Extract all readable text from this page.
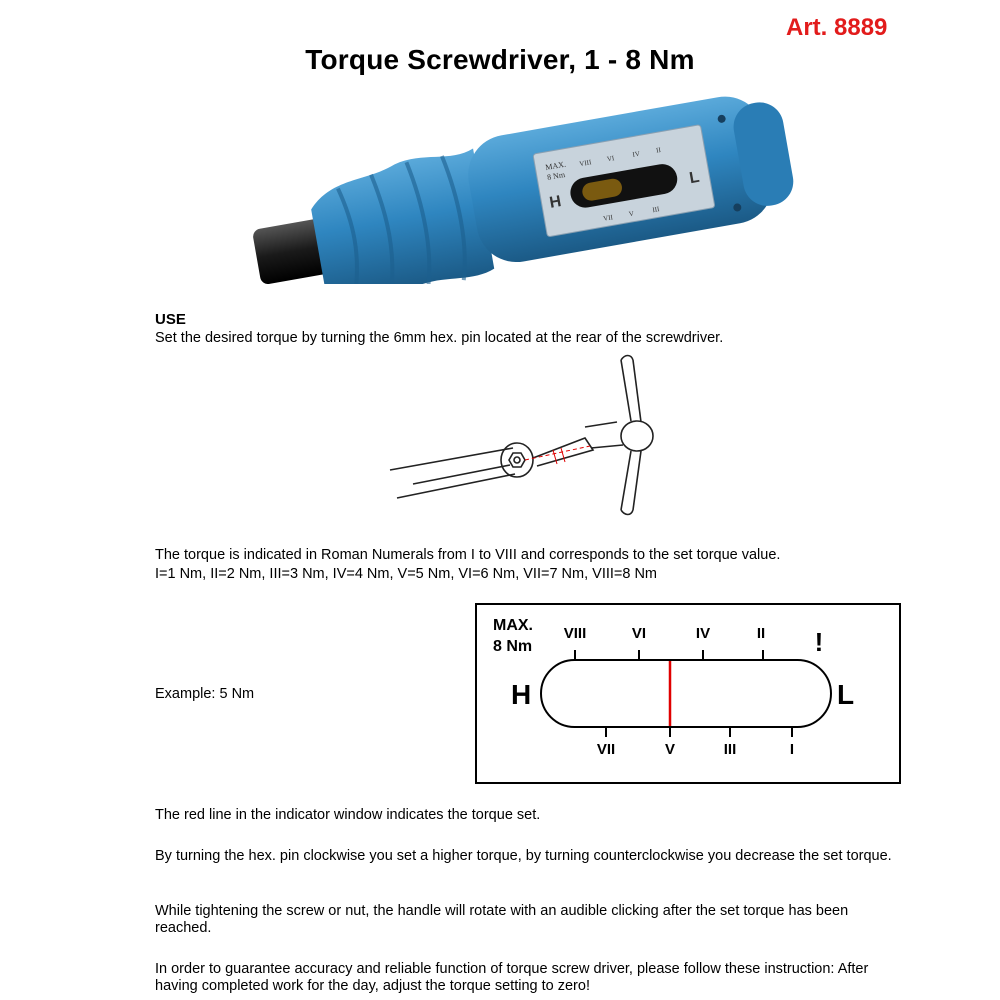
Art. 8889
Torque Screwdriver, 1 - 8 Nm
MAX.
8 Nm
H
L
VIII VI IV II
VII V III
USE
Set the desired torque by turning the 6mm hex. pin located at the rear of the screwdriver.
The torque is indicated in Roman Numerals from I to VIII and corresponds to the set torque value.
I=1 Nm, II=2 Nm, III=3 Nm, IV=4 Nm, V=5 Nm, VI=6 Nm, VII=7 Nm, VIII=8 Nm
Example: 5 Nm
MAX.
8 Nm
VIII	VI	IV	II !
H	L
VII	V	III	I
The red line in the indicator window indicates the torque set.
By turning the hex. pin clockwise you set a higher torque, by turning counterclockwise you decrease the set torque.
While tightening the screw or nut, the handle will rotate with an audible clicking after the set torque has been reached.
In order to guarantee accuracy and reliable function of torque screw driver, please follow these instruction: After having completed work for the day, adjust the torque setting to zero!
